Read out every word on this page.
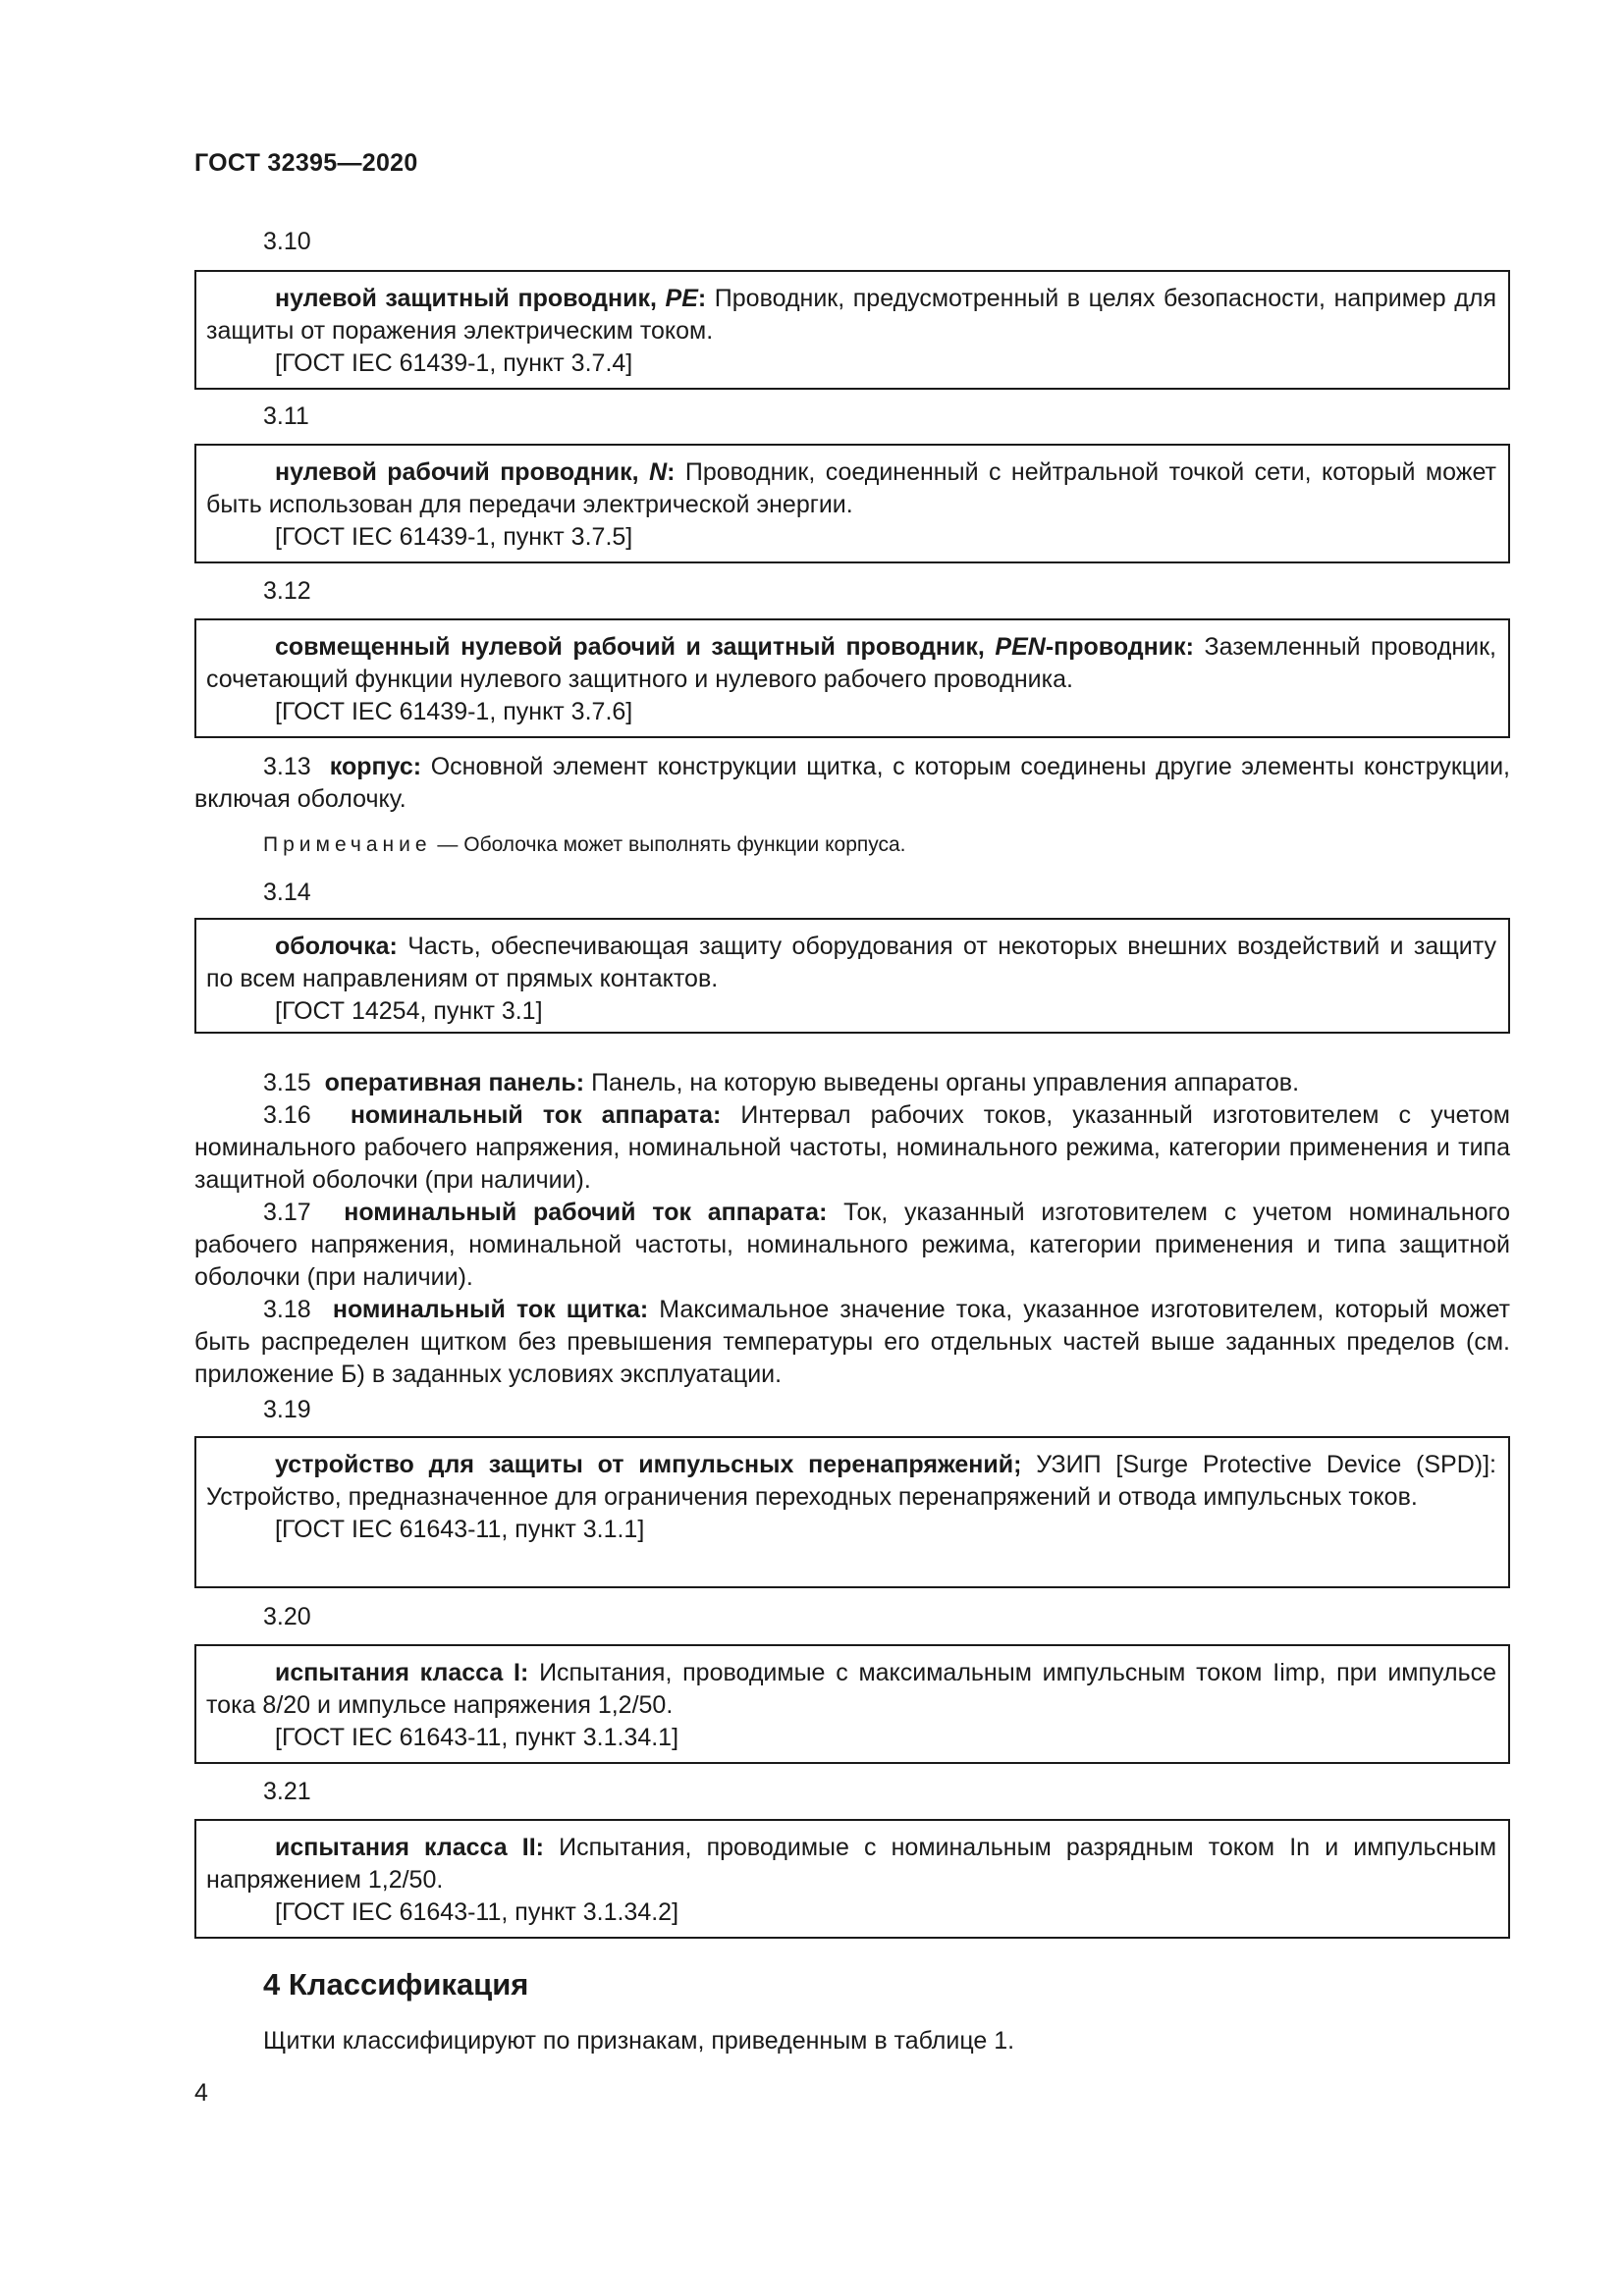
ГОСТ 32395—2020
3.10

нулевой защитный проводник, PE: Проводник, предусмотренный в целях безопасности, например для защиты от поражения электрическим током.

[ГОСТ IEC 61439-1, пункт 3.7.4]
3.11

нулевой рабочий проводник, N: Проводник, соединенный с нейтральной точкой сети, который может быть использован для передачи электрической энергии.

[ГОСТ IEC 61439-1, пункт 3.7.5]
3.12

совмещенный нулевой рабочий и защитный проводник, PEN-проводник: Заземленный проводник, сочетающий функции нулевого защитного и нулевого рабочего проводника.

[ГОСТ IEC 61439-1, пункт 3.7.6]

3.13 корпус: Основной элемент конструкции щитка, с которым соединены другие элементы конструкции, включая оболочку.

Примечание — Оболочка может выполнять функции корпуса.
3.14

оболочка: Часть, обеспечивающая защиту оборудования от некоторых внешних воздействий и защиту по всем направлениям от прямых контактов.

[ГОСТ 14254, пункт 3.1]

3.15 оперативная панель: Панель, на которую выведены органы управления аппаратов.

3.16 номинальный ток аппарата: Интервал рабочих токов, указанный изготовителем с учетом номинального рабочего напряжения, номинальной частоты, номинального режима, категории применения и типа защитной оболочки (при наличии).

3.17 номинальный рабочий ток аппарата: Ток, указанный изготовителем с учетом номинального рабочего напряжения, номинальной частоты, номинального режима, категории применения и типа защитной оболочки (при наличии).

3.18 номинальный ток щитка: Максимальное значение тока, указанное изготовителем, который может быть распределен щитком без превышения температуры его отдельных частей выше заданных пределов (см. приложение Б) в заданных условиях эксплуатации.

3.19

устройство для защиты от импульсных перенапряжений; УЗИП [Surge Protective Device (SPD)]: Устройство, предназначенное для ограничения переходных перенапряжений и отвода импульсных токов.

[ГОСТ IEC 61643-11, пункт 3.1.1]
3.20

испытания класса I: Испытания, проводимые с максимальным импульсным током Iimp, при импульсе тока 8/20 и импульсе напряжения 1,2/50.

[ГОСТ IEC 61643-11, пункт 3.1.34.1]
3.21

испытания класса II: Испытания, проводимые с номинальным разрядным током In и импульсным напряжением 1,2/50.

[ГОСТ IEC 61643-11, пункт 3.1.34.2]
4 Классификация
Щитки классифицируют по признакам, приведенным в таблице 1.
4
